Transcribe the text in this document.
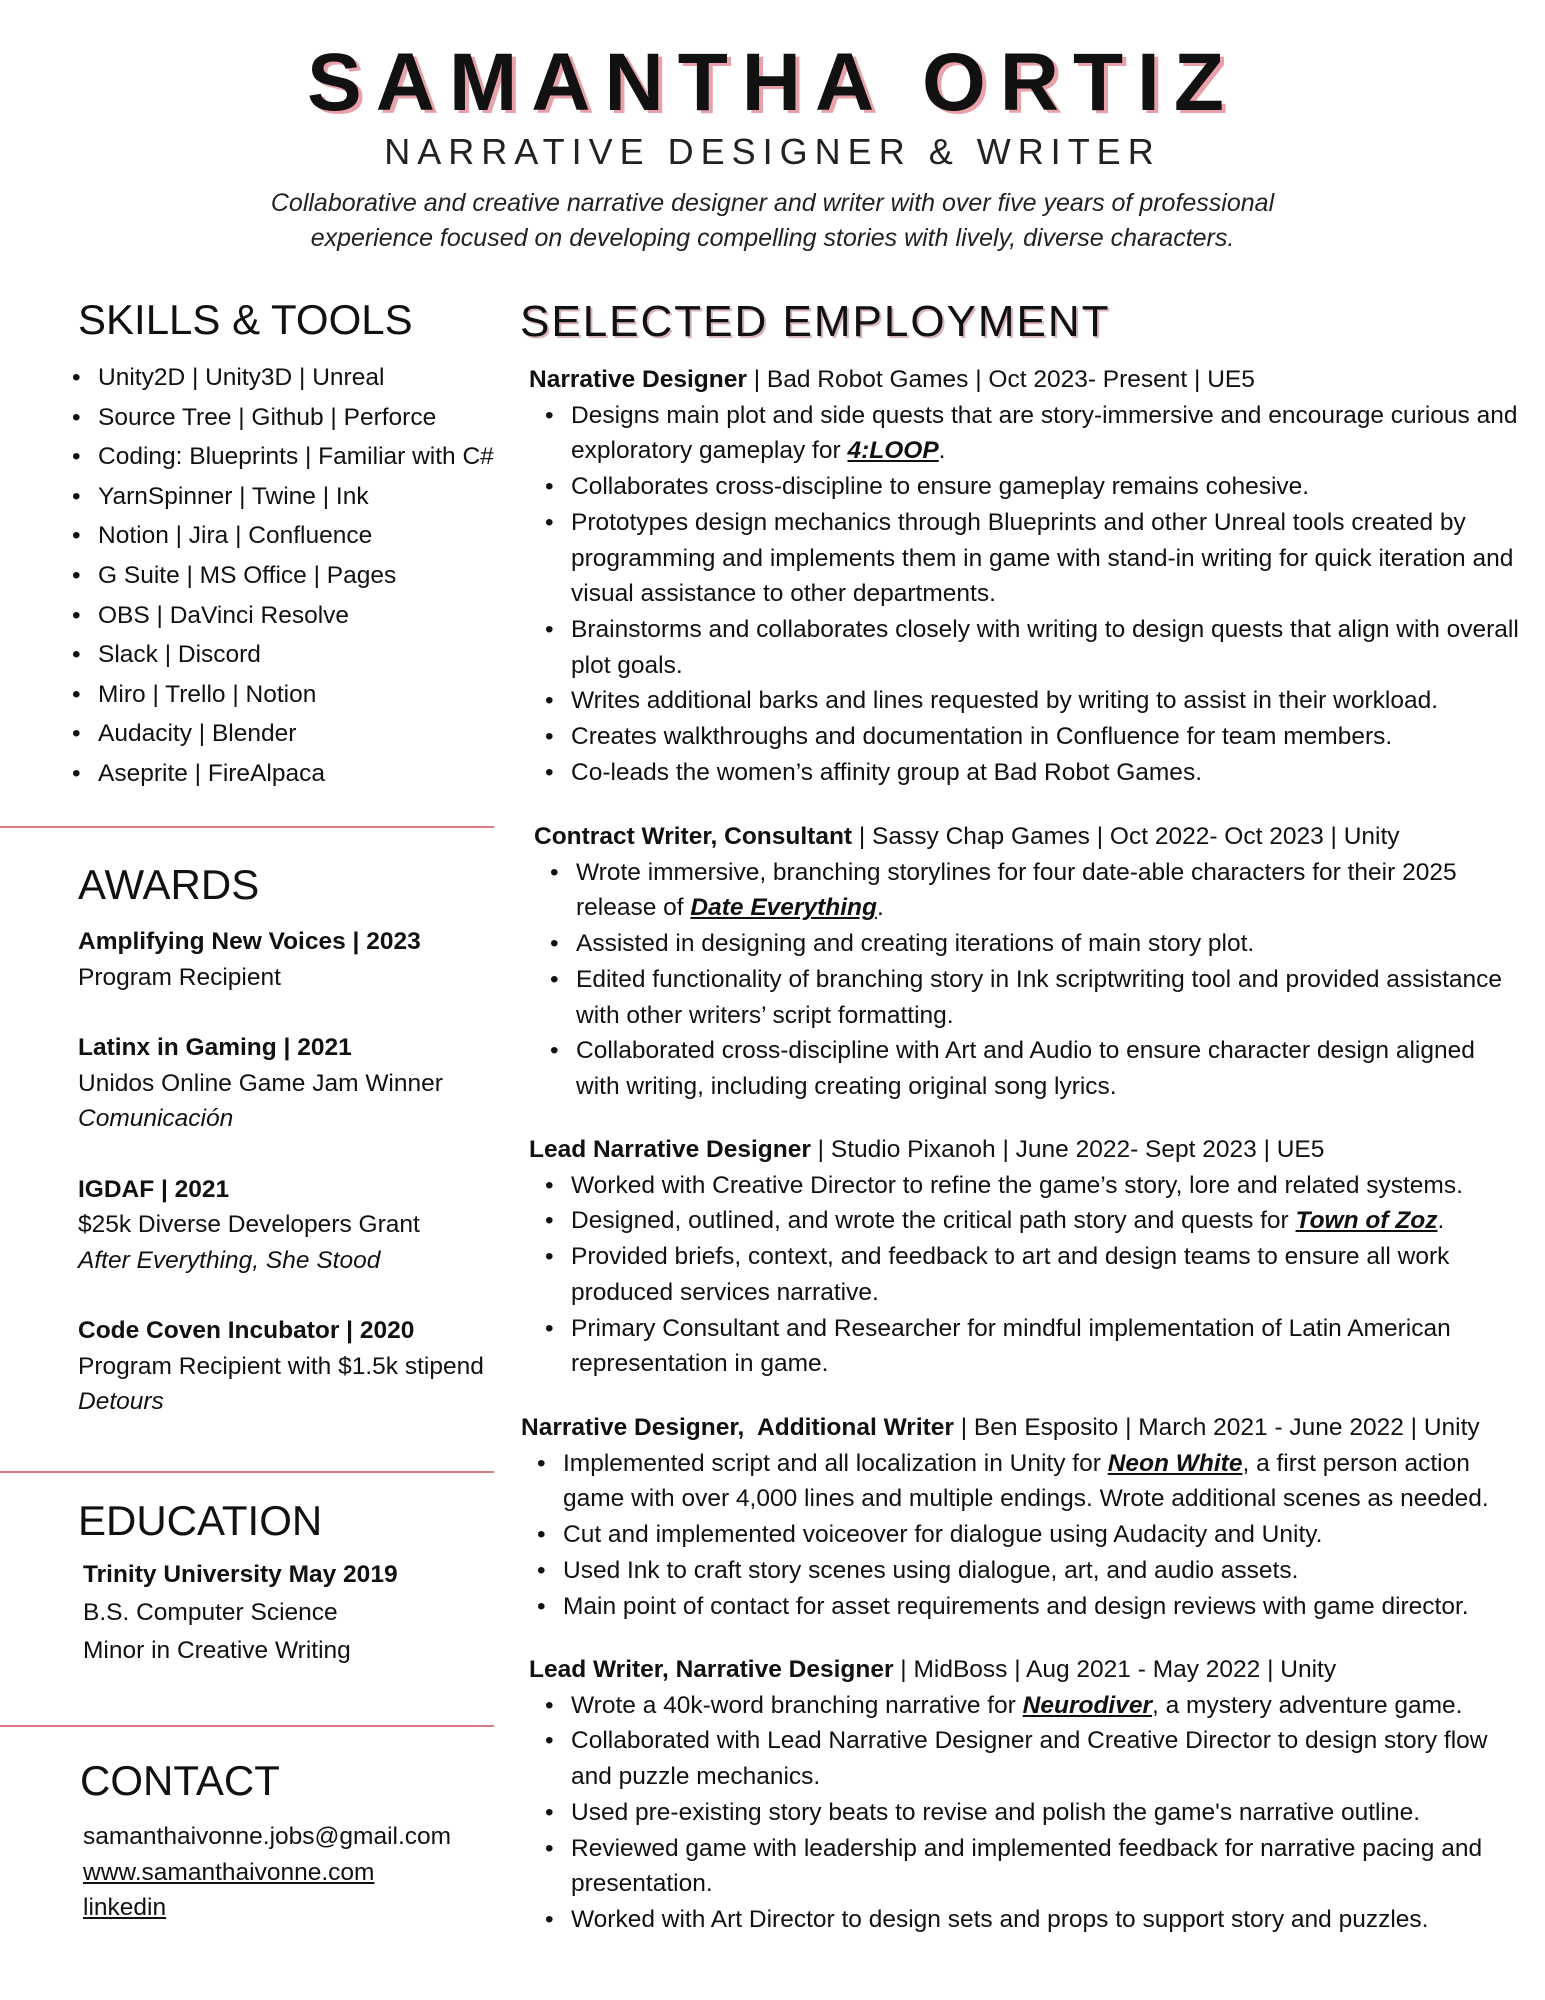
SAMANTHA ORTIZ
NARRATIVE DESIGNER & WRITER
Collaborative and creative narrative designer and writer with over five years of professional
experience focused on developing compelling stories with lively, diverse characters.
SKILLS & TOOLS
• Unity2D | Unity3D | Unreal
• Source Tree | Github | Perforce
• Coding: Blueprints | Familiar with C#
• YarnSpinner | Twine | Ink
• Notion | Jira | Confluence
• G Suite | MS Office | Pages
• OBS | DaVinci Resolve
• Slack | Discord
• Miro | Trello | Notion
• Audacity | Blender
• Aseprite | FireAlpaca
AWARDS
Amplifying New Voices | 2023
Program Recipient
Latinx in Gaming | 2021
Unidos Online Game Jam Winner
Comunicación
IGDAF | 2021
$25k Diverse Developers Grant
After Everything, She Stood
Code Coven Incubator | 2020
Program Recipient with $1.5k stipend
Detours
EDUCATION
Trinity University May 2019
B.S. Computer Science
Minor in Creative Writing
CONTACT
samanthaivonne.jobs@gmail.com
www.samanthaivonne.com
linkedin
SELECTED EMPLOYMENT
Narrative Designer | Bad Robot Games | Oct 2023- Present | UE5
• Designs main plot and side quests that are story-immersive and encourage curious and exploratory gameplay for 4:LOOP.
• Collaborates cross-discipline to ensure gameplay remains cohesive.
• Prototypes design mechanics through Blueprints and other Unreal tools created by programming and implements them in game with stand-in writing for quick iteration and visual assistance to other departments.
• Brainstorms and collaborates closely with writing to design quests that align with overall plot goals.
• Writes additional barks and lines requested by writing to assist in their workload.
• Creates walkthroughs and documentation in Confluence for team members.
• Co-leads the women’s affinity group at Bad Robot Games.
Contract Writer, Consultant | Sassy Chap Games | Oct 2022- Oct 2023 | Unity
• Wrote immersive, branching storylines for four date-able characters for their 2025 release of Date Everything.
• Assisted in designing and creating iterations of main story plot.
• Edited functionality of branching story in Ink scriptwriting tool and provided assistance with other writers’ script formatting.
• Collaborated cross-discipline with Art and Audio to ensure character design aligned with writing, including creating original song lyrics.
Lead Narrative Designer | Studio Pixanoh | June 2022- Sept 2023 | UE5
• Worked with Creative Director to refine the game’s story, lore and related systems.
• Designed, outlined, and wrote the critical path story and quests for Town of Zoz.
• Provided briefs, context, and feedback to art and design teams to ensure all work produced services narrative.
• Primary Consultant and Researcher for mindful implementation of Latin American representation in game.
Narrative Designer,  Additional Writer | Ben Esposito | March 2021 - June 2022 | Unity
• Implemented script and all localization in Unity for Neon White, a first person action game with over 4,000 lines and multiple endings. Wrote additional scenes as needed.
• Cut and implemented voiceover for dialogue using Audacity and Unity.
• Used Ink to craft story scenes using dialogue, art, and audio assets.
• Main point of contact for asset requirements and design reviews with game director.
Lead Writer, Narrative Designer | MidBoss | Aug 2021 - May 2022 | Unity
• Wrote a 40k-word branching narrative for Neurodiver, a mystery adventure game.
• Collaborated with Lead Narrative Designer and Creative Director to design story flow and puzzle mechanics.
• Used pre-existing story beats to revise and polish the game's narrative outline.
• Reviewed game with leadership and implemented feedback for narrative pacing and presentation.
• Worked with Art Director to design sets and props to support story and puzzles.
